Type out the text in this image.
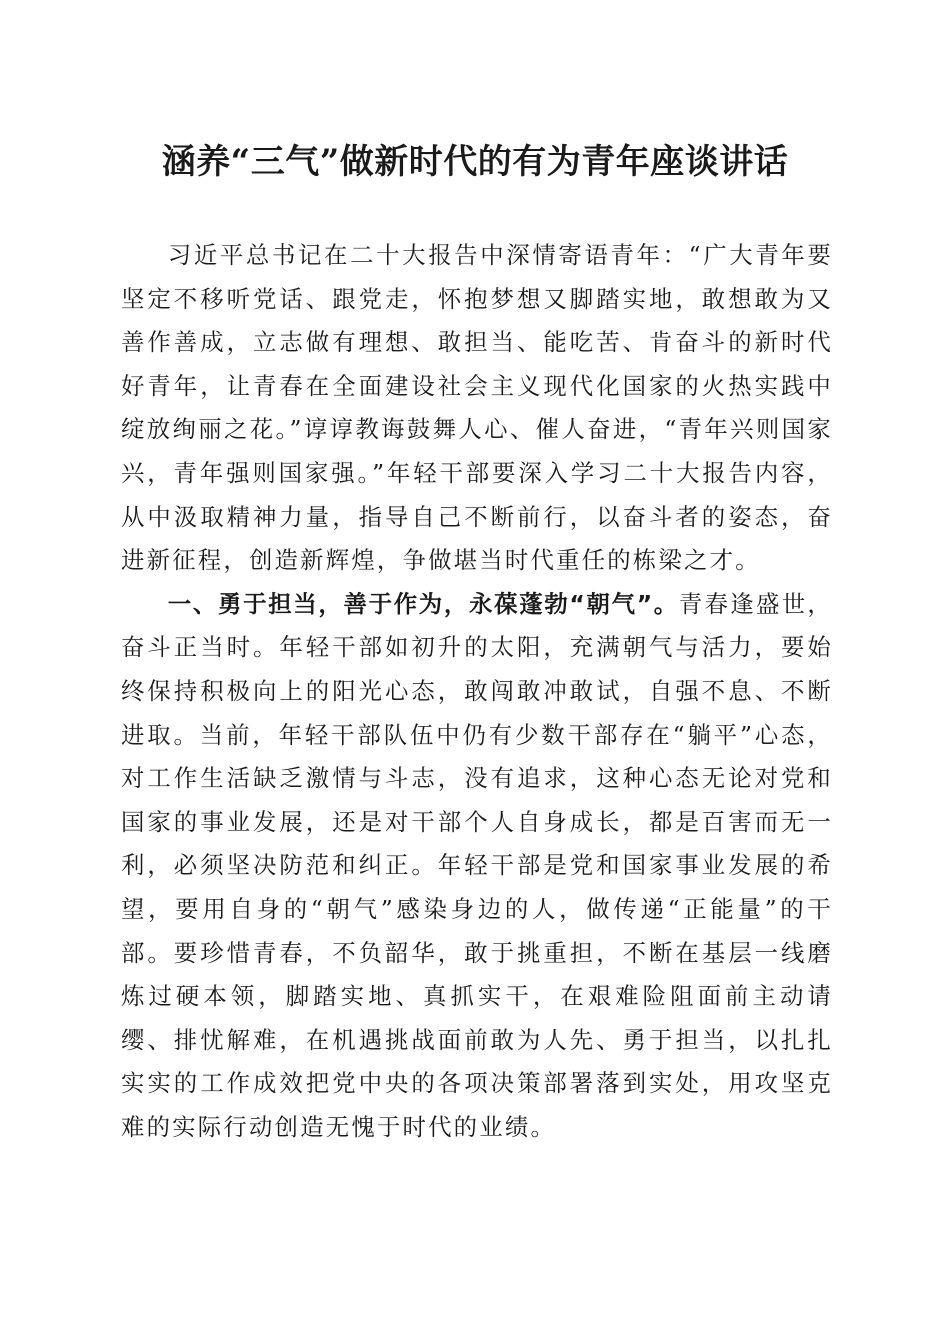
涵养“三气”做新时代的有为青年座谈讲话

习近平总书记在二十大报告中深情寄语青年：“广大青年要坚定不移听党话、跟党走，怀抱梦想又脚踏实地，敢想敢为又善作善成，立志做有理想、敢担当、能吃苦、肯奋斗的新时代好青年，让青春在全面建设社会主义现代化国家的火热实践中绽放绚丽之花。”谆谆教诲鼓舞人心、催人奋进，“青年兴则国家兴，青年强则国家强。”年轻干部要深入学习二十大报告内容，从中汲取精神力量，指导自己不断前行，以奋斗者的姿态，奋进新征程，创造新辉煌，争做堪当时代重任的栋梁之才。

一、勇于担当，善于作为，永葆蓬勃“朝气”。青春逢盛世，奋斗正当时。年轻干部如初升的太阳，充满朝气与活力，要始终保持积极向上的阳光心态，敢闯敢冲敢试，自强不息、不断进取。当前，年轻干部队伍中仍有少数干部存在“躺平”心态，对工作生活缺乏激情与斗志，没有追求，这种心态无论对党和国家的事业发展，还是对干部个人自身成长，都是百害而无一利，必须坚决防范和纠正。年轻干部是党和国家事业发展的希望，要用自身的“朝气”感染身边的人，做传递“正能量”的干部。要珍惜青春，不负韶华，敢于挑重担，不断在基层一线磨炼过硬本领，脚踏实地、真抓实干，在艰难险阻面前主动请缨、排忧解难，在机遇挑战面前敢为人先、勇于担当，以扎扎实实的工作成效把党中央的各项决策部署落到实处，用攻坚克难的实际行动创造无愧于时代的业绩。
